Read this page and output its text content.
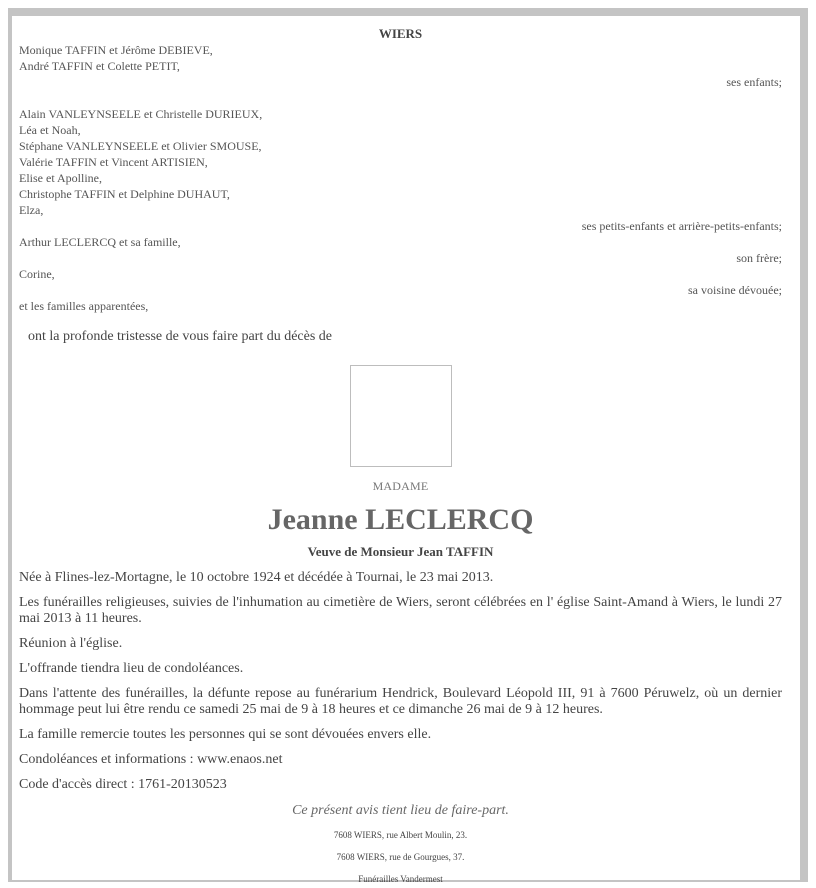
WIERS
Monique TAFFIN et Jérôme DEBIEVE,
André TAFFIN et Colette PETIT,
ses enfants;
Alain VANLEYNSEELE et Christelle DURIEUX,
Léa et Noah,
Stéphane VANLEYNSEELE et Olivier SMOUSE,
Valérie TAFFIN et Vincent ARTISIEN,
Elise et Apolline,
Christophe TAFFIN et Delphine DUHAUT,
Elza,
ses petits-enfants et arrière-petits-enfants;
Arthur LECLERCQ et sa famille,
son frère;
Corine,
sa voisine dévouée;
et les familles apparentées,
ont la profonde tristesse de vous faire part du décès de
MADAME
Jeanne LECLERCQ
Veuve de Monsieur Jean TAFFIN
Née à Flines-lez-Mortagne, le 10 octobre 1924 et décédée à Tournai, le 23 mai 2013.
Les funérailles religieuses, suivies de l'inhumation au cimetière de Wiers, seront célébrées en l' église Saint-Amand à Wiers, le lundi 27 mai 2013 à 11 heures.
Réunion à l'église.
L'offrande tiendra lieu de condoléances.
Dans l'attente des funérailles, la défunte repose au funérarium Hendrick, Boulevard Léopold III, 91 à 7600 Péruwelz, où un dernier hommage peut lui être rendu ce samedi 25 mai de 9 à 18 heures et ce dimanche 26 mai de 9 à 12 heures.
La famille remercie toutes les personnes qui se sont dévouées envers elle.
Condoléances et informations : www.enaos.net
Code d'accès direct : 1761-20130523
Ce présent avis tient lieu de faire-part.
7608 WIERS, rue Albert Moulin, 23.
7608 WIERS, rue de Gourgues, 37.
Funérailles Vandermest
